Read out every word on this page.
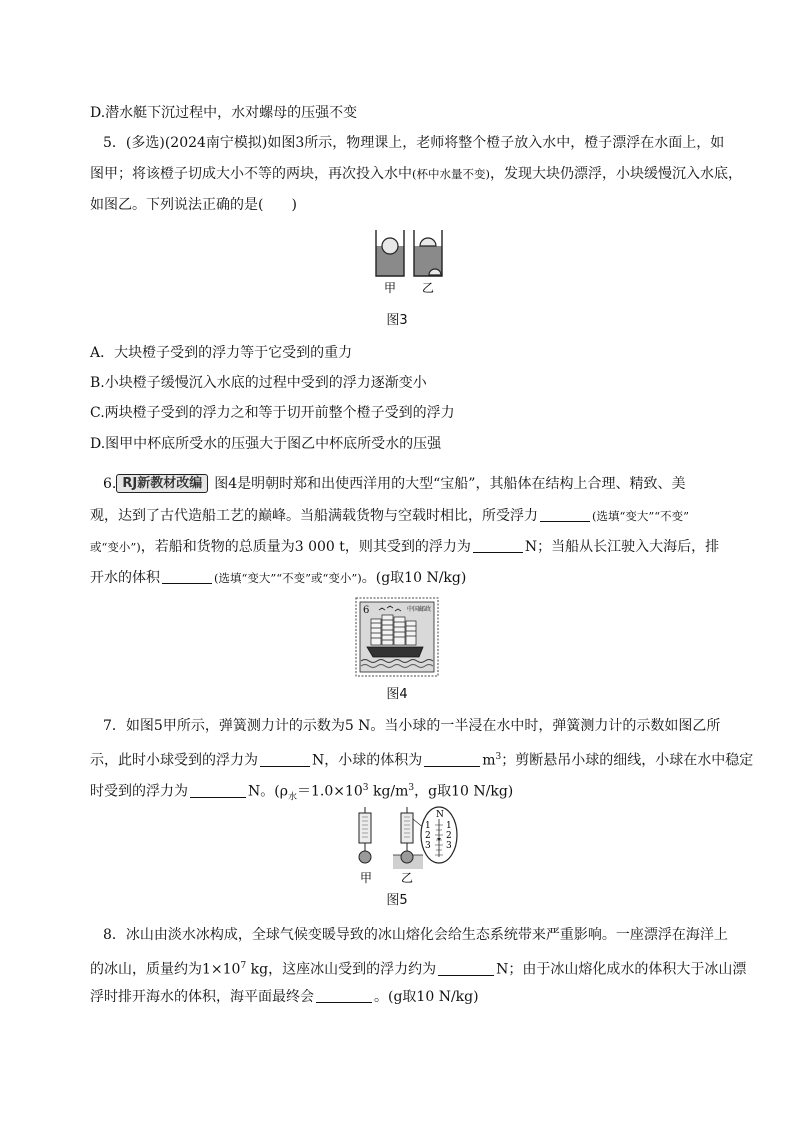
D.潜水艇下沉过程中，水对螺母的压强不变
5．(多选)(2024南宁模拟)如图3所示，物理课上，老师将整个橙子放入水中，橙子漂浮在水面上，如
图甲；将该橙子切成大小不等的两块，再次投入水中(杯中水量不变)，发现大块仍漂浮，小块缓慢沉入水底，
如图乙。下列说法正确的是(　　)
甲 乙
图3
A．大块橙子受到的浮力等于它受到的重力
B.小块橙子缓慢沉入水底的过程中受到的浮力逐渐变小
C.两块橙子受到的浮力之和等于切开前整个橙子受到的浮力
D.图甲中杯底所受水的压强大于图乙中杯底所受水的压强
6. RJ新教材改编 图4是明朝时郑和出使西洋用的大型“宝船”，其船体在结构上合理、精致、美
观，达到了古代造船工艺的巅峰。当船满载货物与空载时相比，所受浮力	(选填“变大”“不变”
或“变小”)，若船和货物的总质量为3 000 t，则其受到的浮力为	N；当船从长江驶入大海后，排
开水的体积	(选填“变大”“不变”或“变小”)。(g取10 N/kg)
6	中国邮政
图4
7．如图5甲所示，弹簧测力计的示数为5 N。当小球的一半浸在水中时，弹簧测力计的示数如图乙所
示，此时小球受到的浮力为	N，小球的体积为	$m^3$；剪断悬吊小球的细线，小球在水中稳定
时受到的浮力为	N。($\rho_水=1.0\times 10^3$ $kg/m^3$，g取10 N/kg)
N
1
2
3
1
2
3
甲 乙
图5
8．冰山由淡水冰构成，全球气候变暖导致的冰山熔化会给生态系统带来严重影响。一座漂浮在海洋上
的冰山，质量约为$1\times 10^7$ kg，这座冰山受到的浮力约为	N；由于冰山熔化成水的体积大于冰山漂
浮时排开海水的体积，海平面最终会	。(g取10 N/kg)
